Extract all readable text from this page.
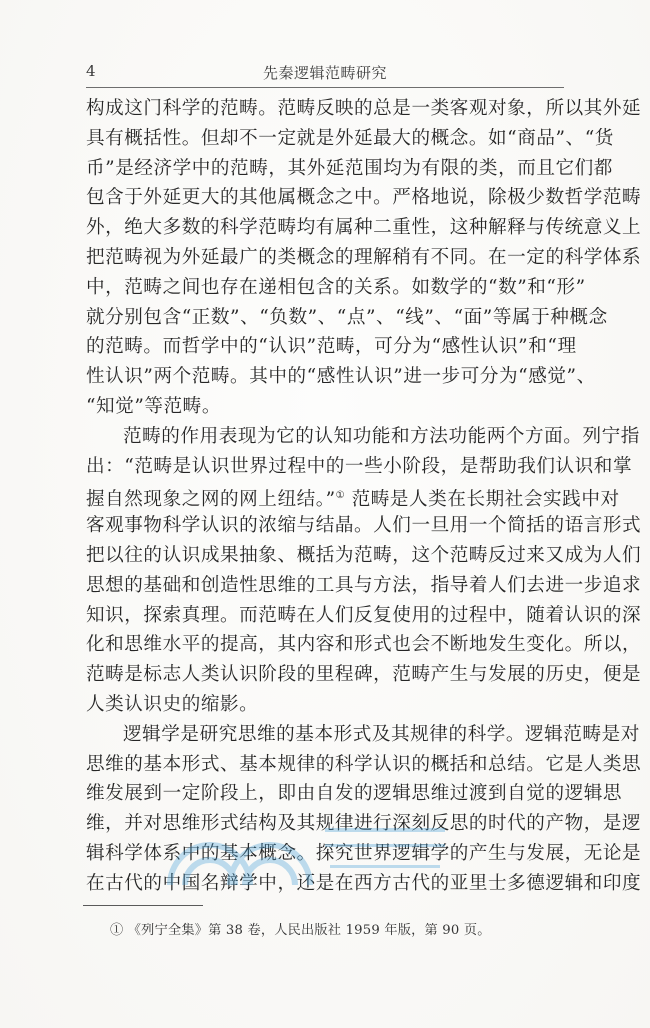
4	先秦逻辑范畴研究

构成这门科学的范畴。范畴反映的总是一类客观对象，所以其外延
具有概括性。但却不一定就是外延最大的概念。如“商品”、“货
币”是经济学中的范畴，其外延范围均为有限的类，而且它们都
包含于外延更大的其他属概念之中。严格地说，除极少数哲学范畴
外，绝大多数的科学范畴均有属种二重性，这种解释与传统意义上
把范畴视为外延最广的类概念的理解稍有不同。在一定的科学体系
中，范畴之间也存在递相包含的关系。如数学的“数”和“形”
就分别包含“正数”、“负数”、“点”、“线”、“面”等属于种概念
的范畴。而哲学中的“认识”范畴，可分为“感性认识”和“理
性认识”两个范畴。其中的“感性认识”进一步可分为“感觉”、
“知觉”等范畴。

范畴的作用表现为它的认知功能和方法功能两个方面。列宁指
出：“范畴是认识世界过程中的一些小阶段，是帮助我们认识和掌
握自然现象之网的网上纽结。”① 范畴是人类在长期社会实践中对
客观事物科学认识的浓缩与结晶。人们一旦用一个简括的语言形式
把以往的认识成果抽象、概括为范畴，这个范畴反过来又成为人们
思想的基础和创造性思维的工具与方法，指导着人们去进一步追求
知识，探索真理。而范畴在人们反复使用的过程中，随着认识的深
化和思维水平的提高，其内容和形式也会不断地发生变化。所以，
范畴是标志人类认识阶段的里程碑，范畴产生与发展的历史，便是
人类认识史的缩影。

逻辑学是研究思维的基本形式及其规律的科学。逻辑范畴是对
思维的基本形式、基本规律的科学认识的概括和总结。它是人类思
维发展到一定阶段上，即由自发的逻辑思维过渡到自觉的逻辑思
维，并对思维形式结构及其规律进行深刻反思的时代的产物，是逻
辑科学体系中的基本概念。探究世界逻辑学的产生与发展，无论是
在古代的中国名辩学中，还是在西方古代的亚里士多德逻辑和印度

① 《列宁全集》第 38 卷，人民出版社 1959 年版，第 90 页。
